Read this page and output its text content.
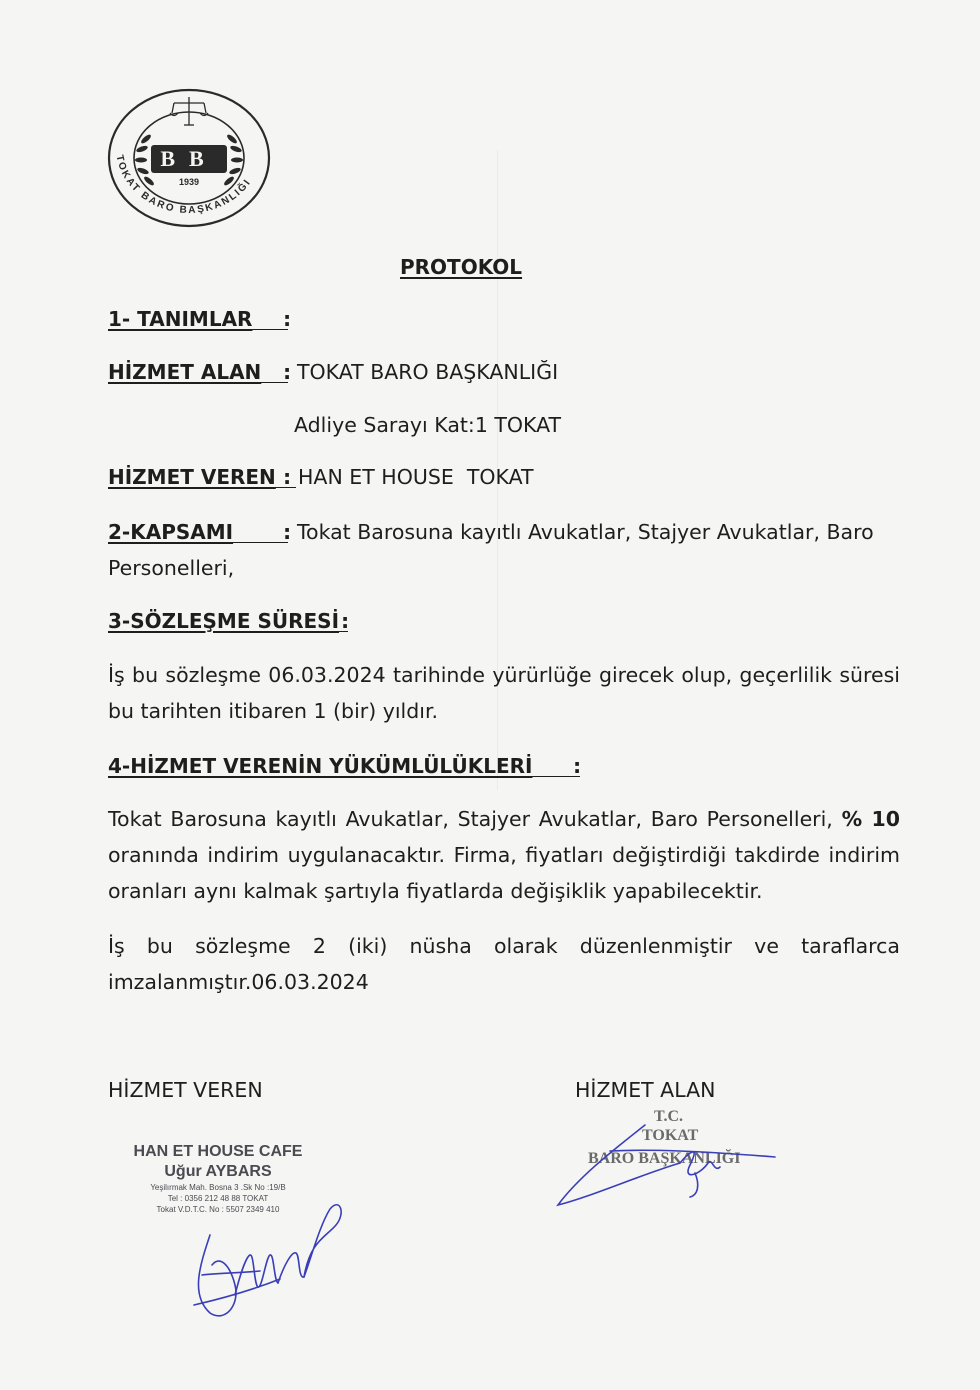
BB
1939
TOKAT BARO BAŞKANLIĞI
PROTOKOL
1- TANIMLAR :
HİZMET ALAN : TOKAT BARO BAŞKANLIĞI
Adliye Sarayı Kat:1 TOKAT
HİZMET VEREN : HAN ET HOUSE  TOKAT
2-KAPSAMI : Tokat Barosuna kayıtlı Avukatlar, Stajyer Avukatlar, Baro
Personelleri,
3-SÖZLEŞME SÜRESİ :
İş bu sözleşme 06.03.2024 tarihinde yürürlüğe girecek olup, geçerlilik süresi bu tarihten itibaren 1 (bir) yıldır.
4-HİZMET VERENİN YÜKÜMLÜLÜKLERİ :
Tokat Barosuna kayıtlı Avukatlar, Stajyer Avukatlar, Baro Personelleri, % 10 oranında indirim uygulanacaktır. Firma, fiyatları değiştirdiği takdirde indirim oranları aynı kalmak şartıyla fiyatlarda değişiklik yapabilecektir.
İş bu sözleşme 2 (iki) nüsha olarak düzenlenmiştir ve taraflarca imzalanmıştır.06.03.2024
HİZMET VEREN	HİZMET ALAN
HAN ET HOUSE CAFE
Uğur AYBARS
Yeşilırmak Mah. Bosna 3 .Sk No :19/B
Tel : 0356 212 48 88 TOKAT
Tokat V.D.T.C. No : 5507 2349 410
T.C.
TOKAT
BARO BAŞKANLIĞI
